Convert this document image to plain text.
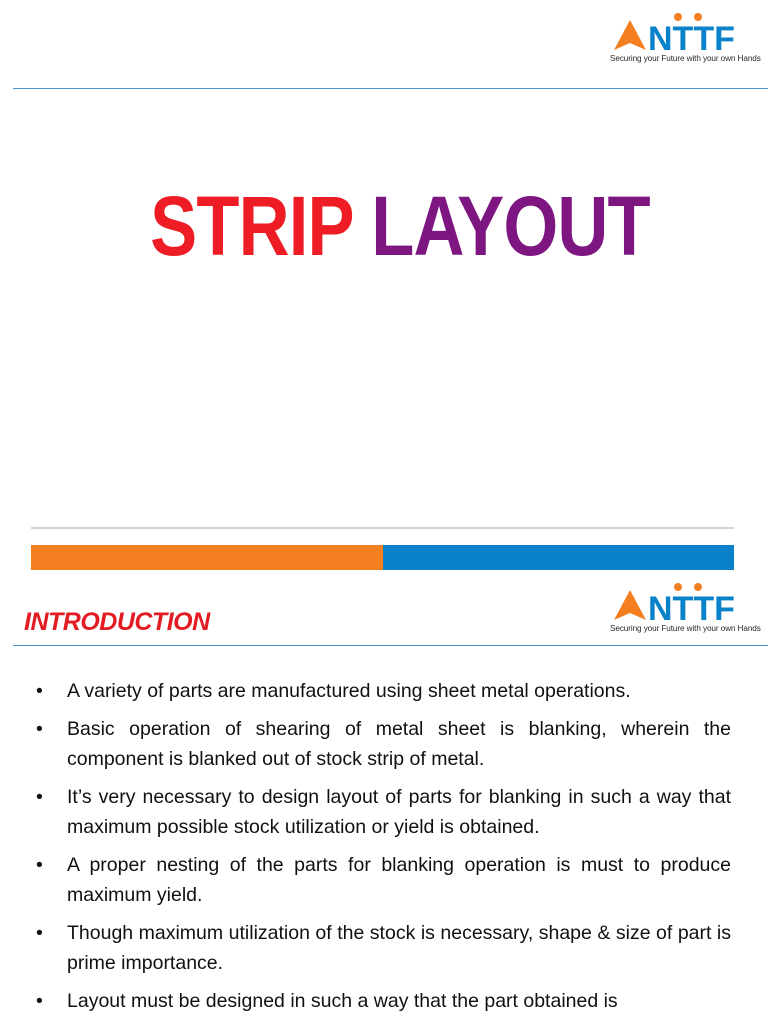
NTTF
Securing your Future with your own Hands
STRIP LAYOUT
INTRODUCTION	NTTF
Securing your Future with your own Hands
• A variety of parts are manufactured using sheet metal operations.
• Basic operation of shearing of metal sheet is blanking, wherein the component is blanked out of stock strip of metal.
• It’s very necessary to design layout of parts for blanking in such a way that maximum possible stock utilization or yield is obtained.
• A proper nesting of the parts for blanking operation is must to produce maximum yield.
• Though maximum utilization of the stock is necessary, shape & size of part is prime importance.
• Layout must be designed in such a way that the part obtained is
